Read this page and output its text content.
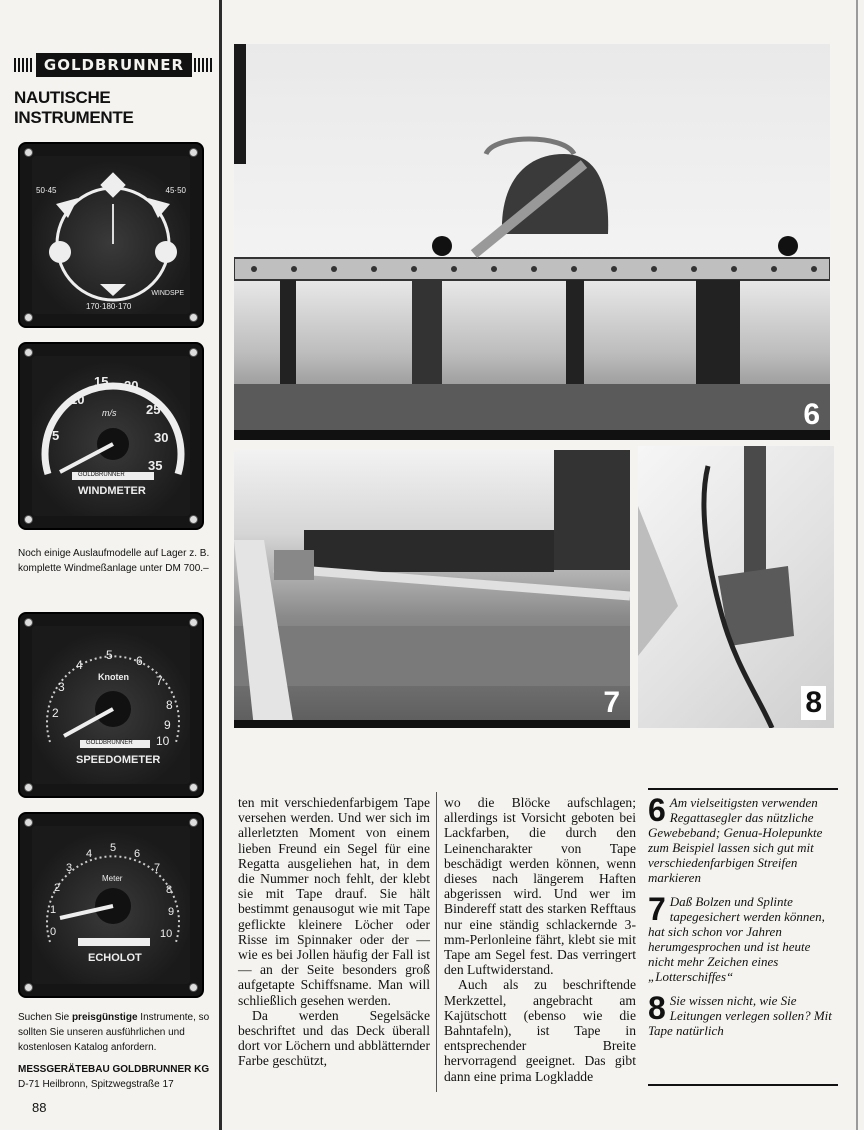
GOLDBRUNNER
NAUTISCHE INSTRUMENTE
50·45	45·50
170·180·170
WINDSPE
m/s
5
10
15 20
25
30
35
GOLDBRUNNER
WINDMETER
Noch einige Auslaufmodelle auf Lager z. B. komplette Windmeßanlage unter DM 700.–
Knoten
2
3
4
5 6
7
8
9
10
GOLDBRUNNER
SPEEDOMETER
Meter
0
1
2
3
4 5 6
7
8
9
10
ECHOLOT
Suchen Sie preisgünstige Instrumente, so sollten Sie unseren ausführlichen und kostenlosen Katalog anfordern.
MESSGERÄTEBAU GOLDBRUNNER KG
D-71 Heilbronn, Spitzwegstraße 17
6
7	8

ten mit verschiedenfarbigem Tape versehen werden. Und wer sich im allerletzten Moment von einem lieben Freund ein Segel für eine Regatta ausgeliehen hat, in dem die Nummer noch fehlt, der klebt sie mit Tape drauf. Sie hält bestimmt genausogut wie mit Tape geflickte kleinere Löcher oder Risse im Spinnaker oder der — wie es bei Jollen häufig der Fall ist — an der Seite besonders groß aufgetapte Schiffsname. Man will schließlich gesehen werden.

Da werden Segelsäcke beschriftet und das Deck überall dort vor Löchern und abblätternder Farbe geschützt,

wo die Blöcke aufschlagen; allerdings ist Vorsicht geboten bei Lackfarben, die durch den Leinencharakter von Tape beschädigt werden können, wenn dieses nach längerem Haften abgerissen wird. Und wer im Bindereff statt des starken Refftaus nur eine ständig schlackernde 3-mm-Perlonleine fährt, klebt sie mit Tape am Segel fest. Das verringert den Luftwiderstand.

Auch als zu beschriftende Merkzettel, angebracht am Kajütschott (ebenso wie die Bahntafeln), ist Tape in entsprechender Breite hervorragend geeignet. Das gibt dann eine prima Logkladde

6 Am vielseitigsten verwenden Regattasegler das nützliche Gewebeband; Genua-Holepunkte zum Beispiel lassen sich gut mit verschiedenfarbigen Streifen markieren
7 Daß Bolzen und Splinte tapegesichert werden können, hat sich schon vor Jahren herumgesprochen und ist heute nicht mehr Zeichen eines „Lotterschiffes“
8 Sie wissen nicht, wie Sie Leitungen verlegen sollen? Mit Tape natürlich
88
